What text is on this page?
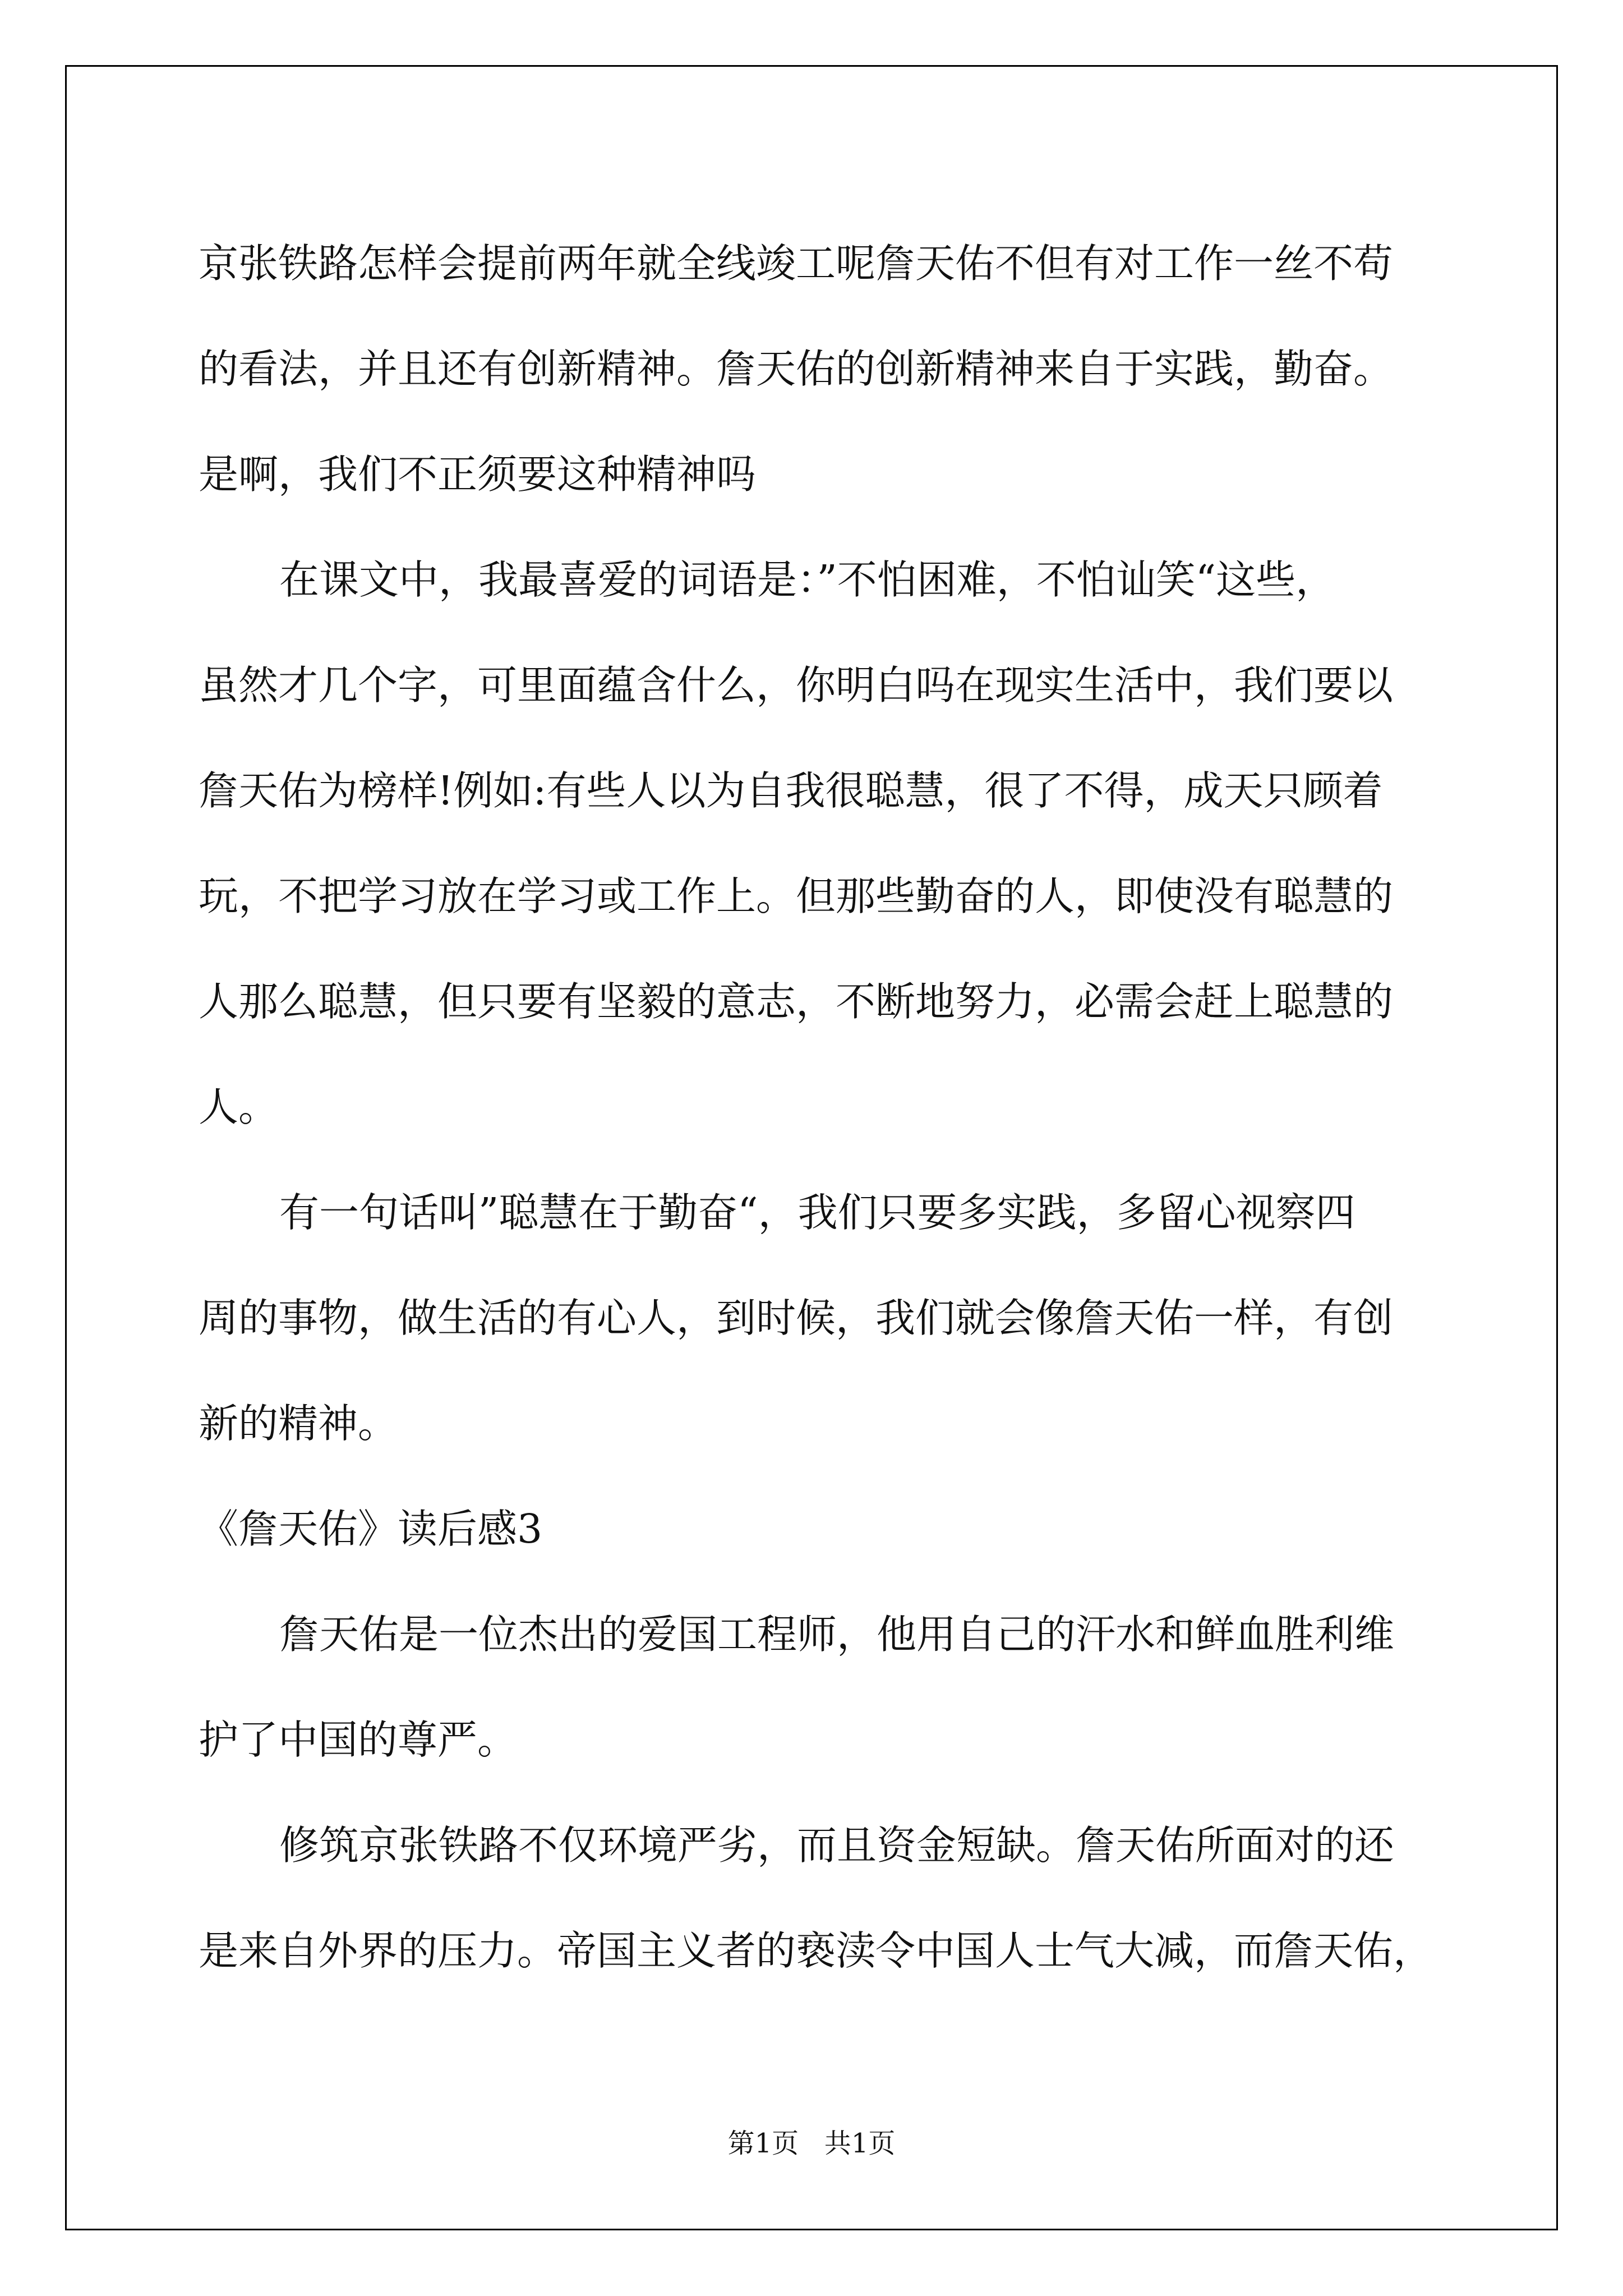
京张铁路怎样会提前两年就全线竣工呢詹天佑不但有对工作一丝不苟
的看法，并且还有创新精神。詹天佑的创新精神来自于实践，勤奋。
是啊，我们不正须要这种精神吗
在课文中，我最喜爱的词语是：”不怕困难，不怕讪笑“这些，
虽然才几个字，可里面蕴含什么，你明白吗在现实生活中，我们要以
詹天佑为榜样!例如:有些人以为自我很聪慧，很了不得，成天只顾着
玩，不把学习放在学习或工作上。但那些勤奋的人，即使没有聪慧的
人那么聪慧，但只要有坚毅的意志，不断地努力，必需会赶上聪慧的
人。
有一句话叫”聪慧在于勤奋“，我们只要多实践，多留心视察四
周的事物，做生活的有心人，到时候，我们就会像詹天佑一样，有创
新的精神。
《詹天佑》读后感3
詹天佑是一位杰出的爱国工程师，他用自己的汗水和鲜血胜利维
护了中国的尊严。
修筑京张铁路不仅环境严劣，而且资金短缺。詹天佑所面对的还
是来自外界的压力。帝国主义者的亵渎令中国人士气大减，而詹天佑，
第1页   共1页
